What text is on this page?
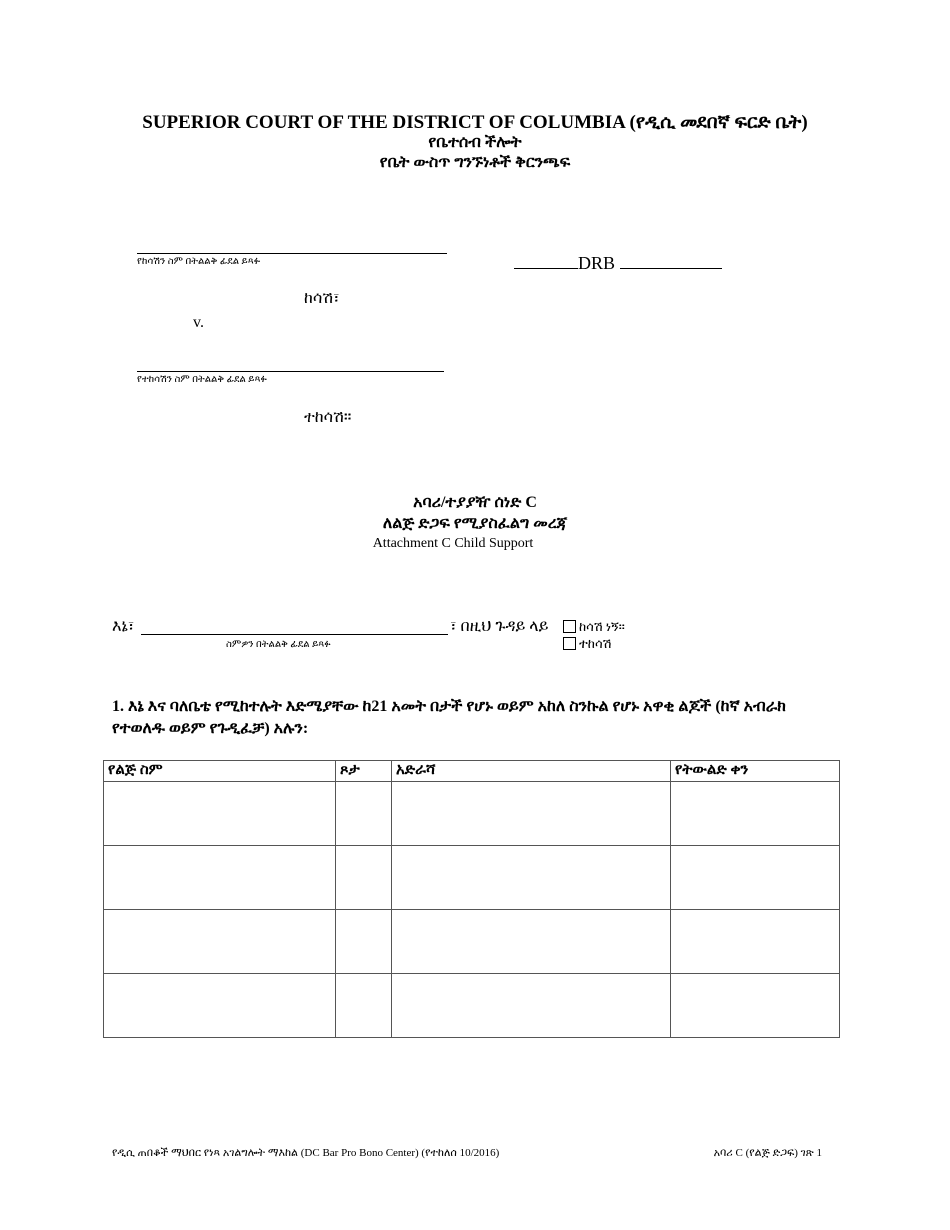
SUPERIOR COURT OF THE DISTRICT OF COLUMBIA (የዲሲ መደበኛ ፍርድ ቤት)
የቤተሰብ ችሎት
የቤት ውስጥ ግንኙነቶች ቅርንጫፍ
የከሳሽን ስም በትልልቅ ፊደል ይጻፉ
ከሳሽ፣
v.
የተከሳሽን ስም በትልልቅ ፊደል ይጻፉ
ተከሳሽ።
DRB
አባሪ/ተያያዥ ሰነድ C
ለልጅ ድጋፍ የሚያስፈልግ መረጃ
Attachment C Child Support
እኔ፣	፣ በዚህ ጉዳይ ላይ
ስምዎን በትልልቅ ፊደል ይጻፉ
ከሳሽ ነኝ።
ተከሳሽ
1. እኔ እና ባለቤቴ የሚከተሉት እድሜያቸው ከ21 አመት በታች የሆኑ ወይም አከለ ስንኩል የሆኑ አዋቂ ልጆች (ከኛ አብራክ የተወለዱ ወይም የጉዲፈቻ) አሉን:
የልጅ ስም	ጾታ	አድራሻ	የትውልድ ቀን

የዲሲ ጠበቆች ማህበር የነጻ አገልግሎት ማእከል (DC Bar Pro Bono Center) (የተከለሰ 10/2016)	አባሪ C (የልጅ ድጋፍ) ገጽ 1
